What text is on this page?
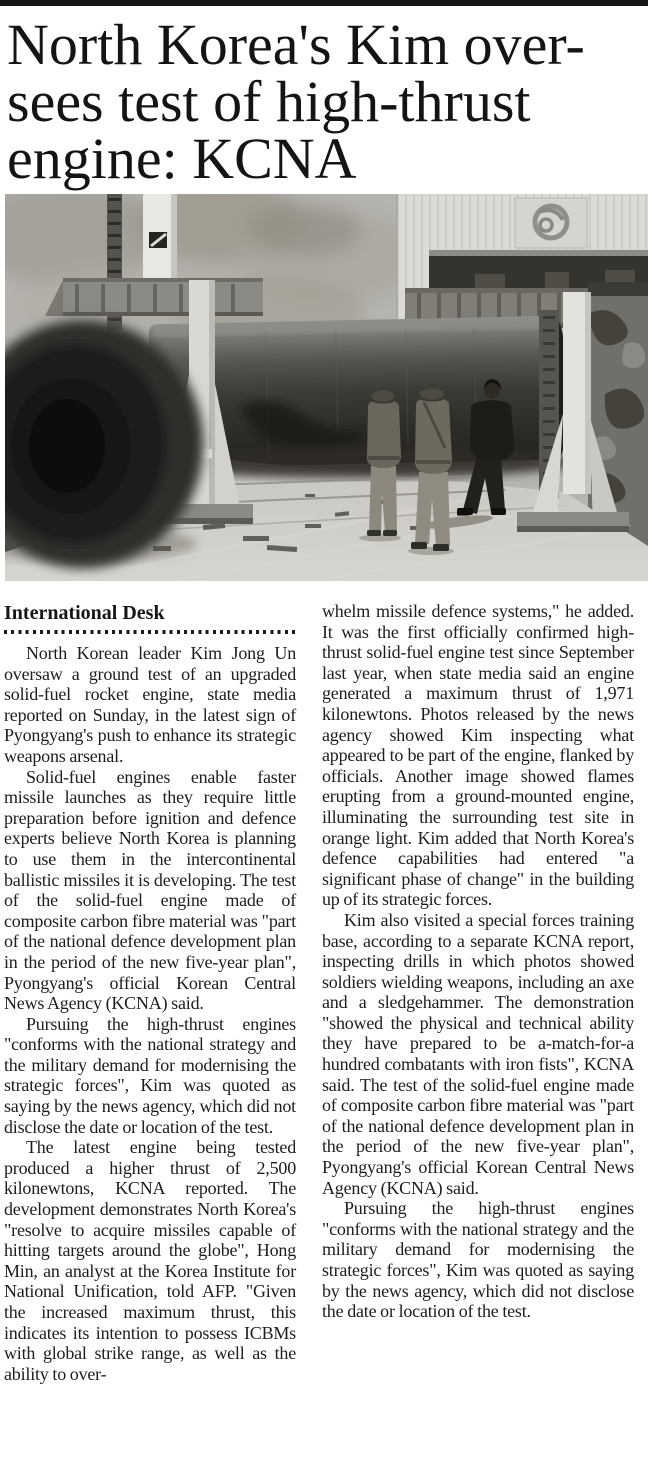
North Korea's Kim over-
sees test of high-thrust
engine: KCNA
International Desk

North Korean leader Kim Jong Un oversaw a ground test of an upgraded solid-fuel rocket engine, state media reported on Sunday, in the latest sign of Pyongyang's push to enhance its strategic weapons arsenal.

Solid-fuel engines enable faster missile launches as they require little preparation before ignition and defence experts believe North Korea is planning to use them in the intercontinental ballistic missiles it is developing. The test of the solid-fuel engine made of composite carbon fibre material was "part of the national defence development plan in the period of the new five-year plan", Pyongyang's official Korean Central News Agency (KCNA) said.

Pursuing the high-thrust engines "conforms with the national strategy and the military demand for modernising the strategic forces", Kim was quoted as saying by the news agency, which did not disclose the date or location of the test.

The latest engine being tested produced a higher thrust of 2,500 kilonewtons, KCNA reported. The development demonstrates North Korea's "resolve to acquire missiles capable of hitting targets around the globe", Hong Min, an analyst at the Korea Institute for National Unification, told AFP. "Given the increased maximum thrust, this indicates its intention to possess ICBMs with global strike range, as well as the ability to over-

whelm missile defence systems," he added. It was the first officially confirmed high-thrust solid-fuel engine test since September last year, when state media said an engine generated a maximum thrust of 1,971 kilonewtons. Photos released by the news agency showed Kim inspecting what appeared to be part of the engine, flanked by officials. Another image showed flames erupting from a ground-mounted engine, illuminating the surrounding test site in orange light. Kim added that North Korea's defence capabilities had entered "a significant phase of change" in the building up of its strategic forces.

Kim also visited a special forces training base, according to a separate KCNA report, inspecting drills in which photos showed soldiers wielding weapons, including an axe and a sledgehammer. The demonstration "showed the physical and technical ability they have prepared to be a-match-for-a hundred combatants with iron fists", KCNA said. The test of the solid-fuel engine made of composite carbon fibre material was "part of the national defence development plan in the period of the new five-year plan", Pyongyang's official Korean Central News Agency (KCNA) said.

Pursuing the high-thrust engines "conforms with the national strategy and the military demand for modernising the strategic forces", Kim was quoted as saying by the news agency, which did not disclose the date or location of the test.
